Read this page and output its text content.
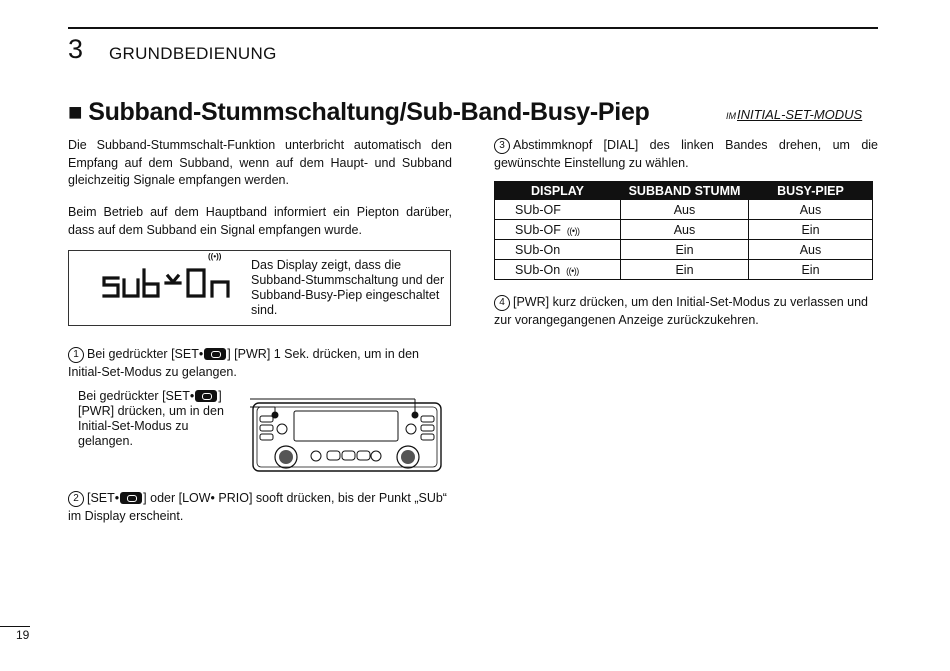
3 GRUNDBEDIENUNG
■ Subband-Stummschaltung/Sub-Band-Busy-Piep	IMINITIAL-SET-MODUS
Die Subband-Stummschalt-Funktion unterbricht automatisch den Empfang auf dem Subband, wenn auf dem Haupt- und Subband gleichzeitig Signale empfangen werden.
Beim Betrieb auf dem Hauptband informiert ein Piepton darüber, dass auf dem Subband ein Signal empfangen wurde.
((•))
Das Display zeigt, dass die Subband-Stummschaltung und der Subband-Busy-Piep eingeschaltet sind.
1 Bei gedrückter [SET• ] [PWR] 1 Sek. drücken, um in den Initial-Set-Modus zu gelangen.
Bei gedrückter [SET• ] [PWR] drücken, um in den Initial-Set-Modus zu gelangen.
2 [SET• ] oder [LOW• PRIO] sooft drücken, bis der Punkt „SUb“ im Display erscheint.
3 Abstimmknopf [DIAL] des linken Bandes drehen, um die gewünschte Einstellung zu wählen.
DISPLAY	SUBBAND STUMM	BUSY-PIEP
SUb-OF	Aus	Aus
SUb-OF ((•))	Aus	Ein
SUb-On	Ein	Aus
SUb-On ((•))	Ein	Ein
4 [PWR] kurz drücken, um den Initial-Set-Modus zu verlassen und zur vorangegangenen Anzeige zurückzukehren.
19
